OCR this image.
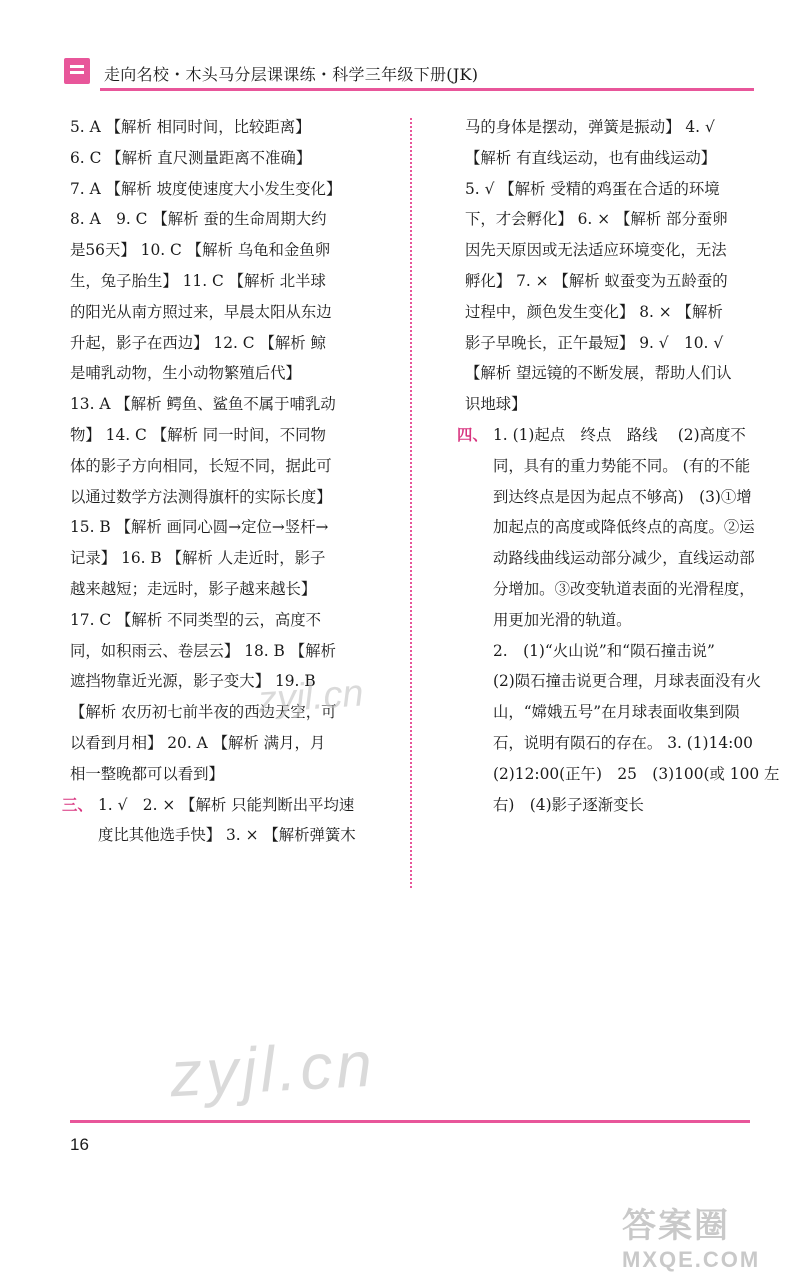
走向名校・木头马分层课课练・科学三年级下册(JK)
5. A 【解析 相同时间，比较距离】
6. C 【解析 直尺测量距离不准确】
7. A 【解析 坡度使速度大小发生变化】
8. A　9. C 【解析 蚕的生命周期大约
是56天】 10. C 【解析 乌龟和金鱼卵
生，兔子胎生】 11. C 【解析 北半球
的阳光从南方照过来，早晨太阳从东边
升起，影子在西边】 12. C 【解析 鲸
是哺乳动物，生小动物繁殖后代】
13. A 【解析 鳄鱼、鲨鱼不属于哺乳动
物】 14. C 【解析 同一时间，不同物
体的影子方向相同，长短不同，据此可
以通过数学方法测得旗杆的实际长度】
15. B 【解析 画同心圆→定位→竖杆→
记录】 16. B 【解析 人走近时，影子
越来越短；走远时，影子越来越长】
17. C 【解析 不同类型的云，高度不
同，如积雨云、卷层云】 18. B 【解析
遮挡物靠近光源，影子变大】 19. B
【解析 农历初七前半夜的西边天空，可
以看到月相】 20. A 【解析 满月，月
相一整晚都可以看到】
三、 1. √　2. × 【解析 只能判断出平均速
度比其他选手快】 3. × 【解析弹簧木
马的身体是摆动，弹簧是振动】 4. √
【解析 有直线运动，也有曲线运动】
5. √ 【解析 受精的鸡蛋在合适的环境
下，才会孵化】 6. × 【解析 部分蚕卵
因先天原因或无法适应环境变化，无法
孵化】 7. × 【解析 蚁蚕变为五龄蚕的
过程中，颜色发生变化】 8. × 【解析
影子早晚长，正午最短】 9. √　10. √
【解析 望远镜的不断发展，帮助人们认
识地球】
四、 1. (1)起点　终点　路线　 (2)高度不
同，具有的重力势能不同。 (有的不能
到达终点是因为起点不够高)　(3)①增
加起点的高度或降低终点的高度。②运
动路线曲线运动部分减少，直线运动部
分增加。③改变轨道表面的光滑程度，
用更加光滑的轨道。
2.　(1)“火山说”和“陨石撞击说”
(2)陨石撞击说更合理，月球表面没有火
山，“嫦娥五号”在月球表面收集到陨
石，说明有陨石的存在。 3. (1)14:00
(2)12:00(正午)　25　(3)100(或 100 左
右)　(4)影子逐渐变长
zyjl.cn
zyjl.cn
16
答案圈
MXQE.COM
